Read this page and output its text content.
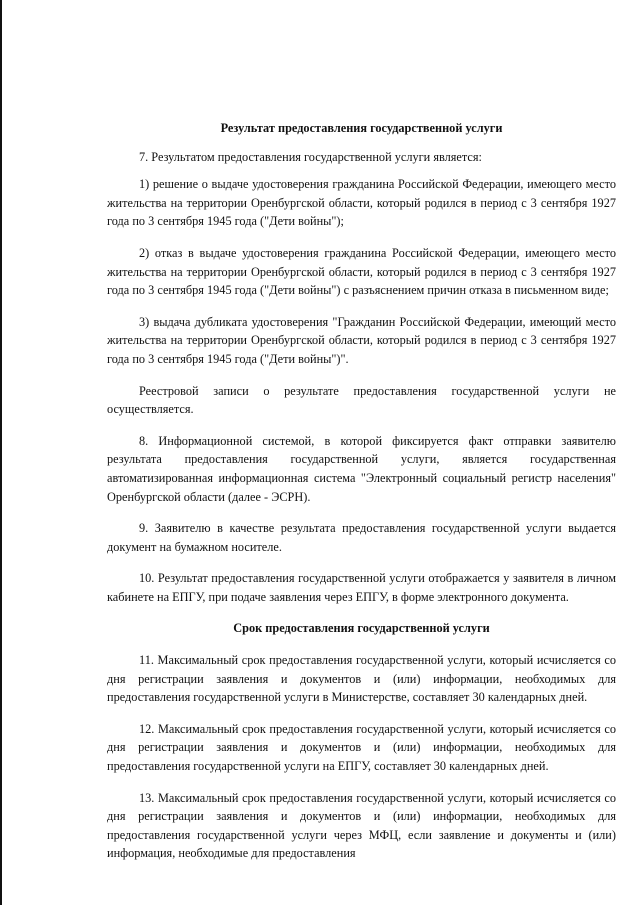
Результат предоставления государственной услуги

7. Результатом предоставления государственной услуги является:

1) решение о выдаче удостоверения гражданина Российской Федерации, имеющего место жительства на территории Оренбургской области, который родился в период с 3 сентября 1927 года по 3 сентября 1945 года ("Дети войны");

2) отказ в выдаче удостоверения гражданина Российской Федерации, имеющего место жительства на территории Оренбургской области, который родился в период с 3 сентября 1927 года по 3 сентября 1945 года ("Дети войны") с разъяснением причин отказа в письменном виде;

3) выдача дубликата удостоверения "Гражданин Российской Федерации, имеющий место жительства на территории Оренбургской области, который родился в период с 3 сентября 1927 года по 3 сентября 1945 года ("Дети войны")".

Реестровой записи о результате предоставления государственной услуги не осуществляется.

8. Информационной системой, в которой фиксируется факт отправки заявителю результата предоставления государственной услуги, является государственная автоматизированная информационная система "Электронный социальный регистр населения" Оренбургской области (далее - ЭСРН).

9. Заявителю в качестве результата предоставления государственной услуги выдается документ на бумажном носителе.

10. Результат предоставления государственной услуги отображается у заявителя в личном кабинете на ЕПГУ, при подаче заявления через ЕПГУ, в форме электронного документа.

Срок предоставления государственной услуги

11. Максимальный срок предоставления государственной услуги, который исчисляется со дня регистрации заявления и документов и (или) информации, необходимых для предоставления государственной услуги в Министерстве, составляет 30 календарных дней.

12. Максимальный срок предоставления государственной услуги, который исчисляется со дня регистрации заявления и документов и (или) информации, необходимых для предоставления государственной услуги на ЕПГУ, составляет 30 календарных дней.

13. Максимальный срок предоставления государственной услуги, который исчисляется со дня регистрации заявления и документов и (или) информации, необходимых для предоставления государственной услуги через МФЦ, если заявление и документы и (или) информация, необходимые для предоставления
